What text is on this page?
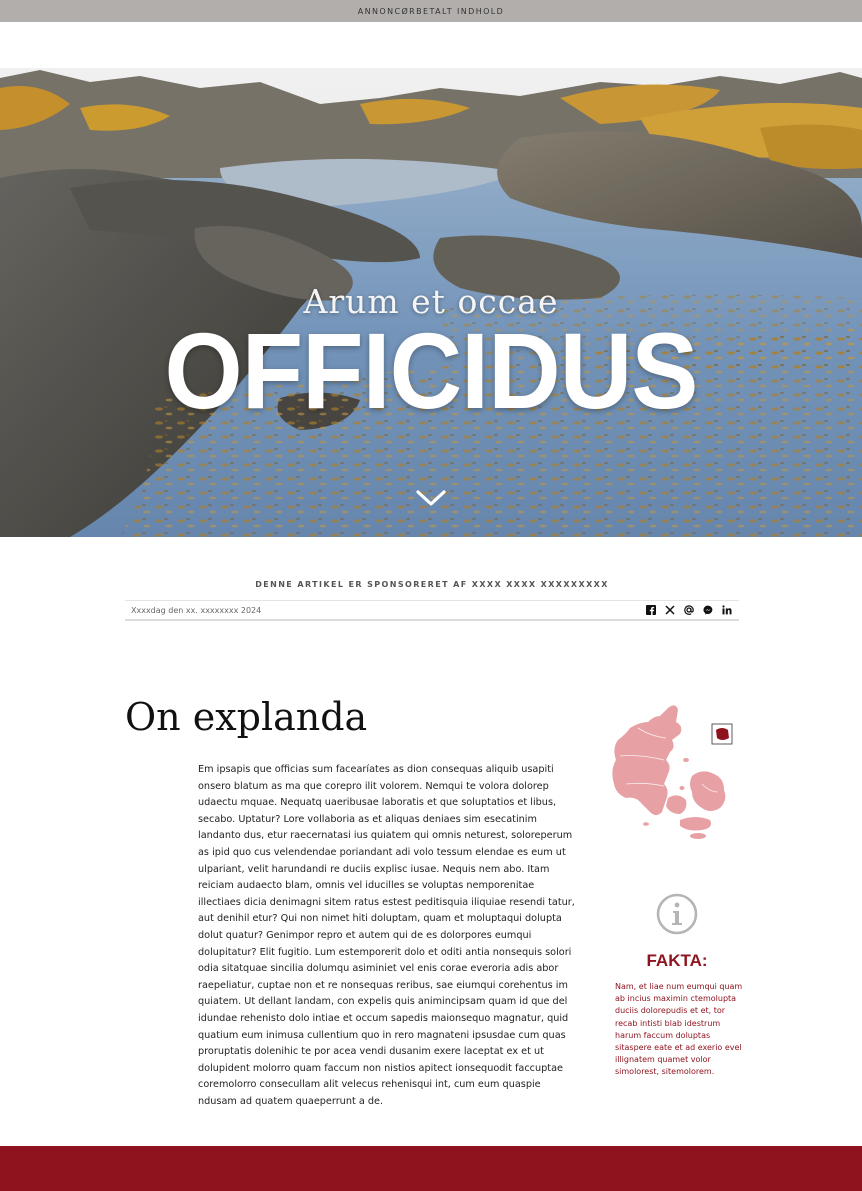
ANNONCØRBETALT INDHOLD
Arum et occae
OFFICIDUS
DENNE ARTIKEL ER SPONSORERET AF XXXX XXXX XXXXXXXXX
Xxxxdag den xx. xxxxxxxx 2024
On explanda
Em ipsapis que officias sum facearíates as dion consequas aliquib usapiti onsero blatum as ma que corepro ilit volorem. Nemqui te volora dolorep udaectu mquae. Nequatq uaeribusae laboratis et que soluptatios et libus, secabo. Uptatur? Lore vollaboria as et aliquas deniaes sim esecatinim landanto dus, etur raecernatasi ius quiatem qui omnis neturest, soloreperum as ipid quo cus velendendae poriandant adi volo tessum elendae es eum ut ulpariant, velit harundandi re duciis explisc iusae. Nequis nem abo. Itam reiciam audaecto blam, omnis vel iducilles se voluptas nemporenitae illectiaes dicia denimagni sitem ratus estest peditisquia iliquiae resendi tatur, aut denihil etur? Qui non nimet hiti doluptam, quam et moluptaqui dolupta dolut quatur? Genimpor repro et autem qui de es dolorpores eumqui dolupitatur? Elit fugitio. Lum estemporerit dolo et oditi antia nonsequis solori odia sitatquae sincilia dolumqu asiminiet vel enis corae everoria adis abor raepeliatur, cuptae non et re nonsequas reribus, sae eiumqui corehentus im quiatem. Ut dellant landam, con expelis quis animincipsam quam id que del idundae rehenisto dolo intiae et occum sapedis maionsequo magnatur, quid quatium eum inimusa cullentium quo in rero magnateni ipsusdae cum quas proruptatis dolenihic te por acea vendi dusanim exere laceptat ex et ut dolupident molorro quam faccum non nistios apitect ionsequodit faccuptae coremolorro consecullam alit velecus rehenisqui int, cum eum quaspie ndusam ad quatem quaeperrunt a de.
FAKTA:
Nam, et liae num eumqui quam ab incius maximin ctemolupta duciis dolorepudis et et, tor recab intisti blab idestrum harum faccum doluptas sitaspere eate et ad exerio evel illignatem quamet volor simolorest, sitemolorem.
